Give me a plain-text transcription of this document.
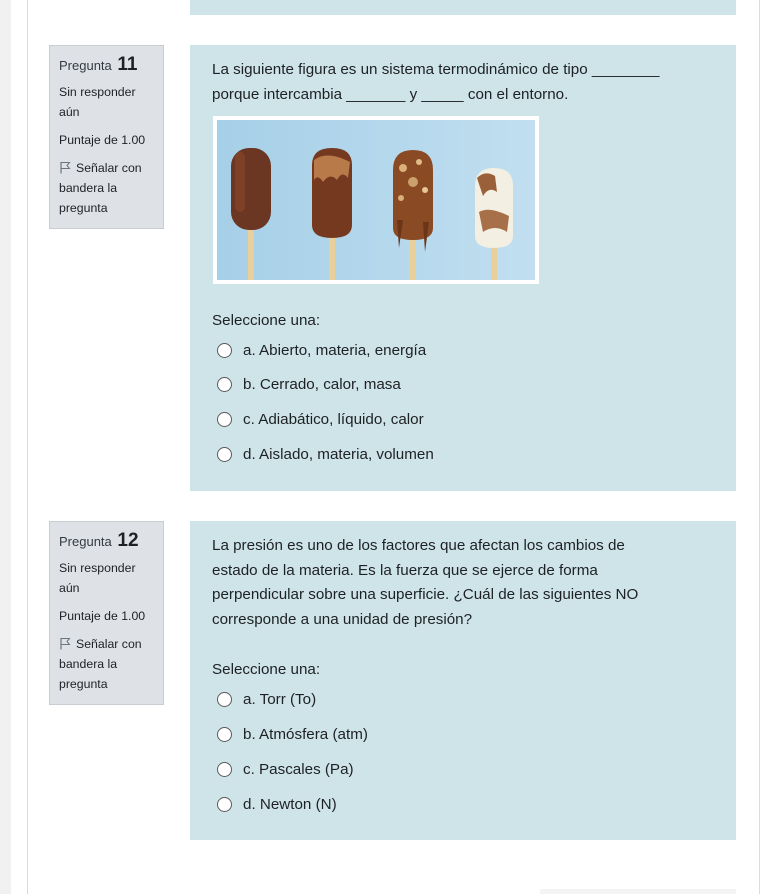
Pregunta 11
Sin responder aún
Puntaje de 1.00
Señalar con bandera la pregunta
La siguiente figura es un sistema termodinámico de tipo ________
porque intercambia _______ y _____ con el entorno.
Seleccione una:
a. Abierto, materia, energía
b. Cerrado, calor, masa
c. Adiabático, líquido, calor
d. Aislado, materia, volumen
Pregunta 12
Sin responder aún
Puntaje de 1.00
Señalar con bandera la pregunta
La presión es uno de los factores que afectan los cambios de
estado de la materia. Es la fuerza que se ejerce de forma
perpendicular sobre una superficie. ¿Cuál de las siguientes NO
corresponde a una unidad de presión?
Seleccione una:
a. Torr (To)
b. Atmósfera (atm)
c. Pascales (Pa)
d. Newton (N)
